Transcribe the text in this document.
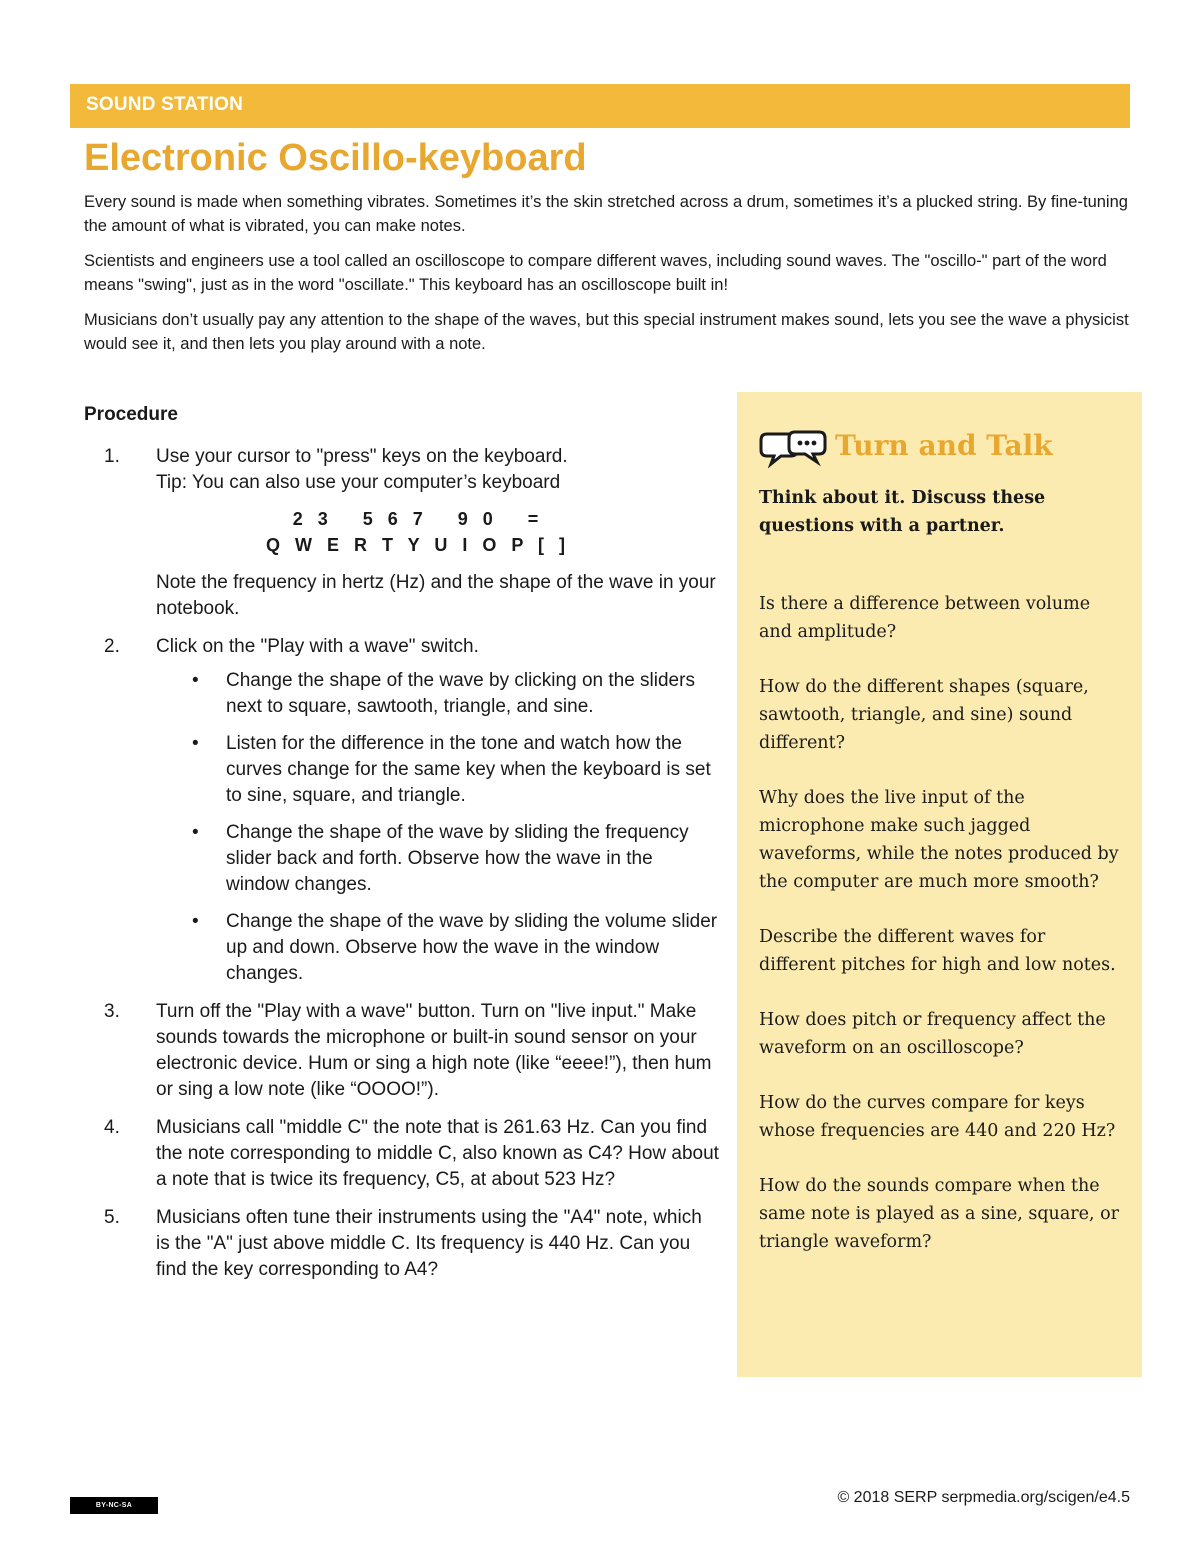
SOUND STATION
Electronic Oscillo-keyboard

Every sound is made when something vibrates. Sometimes it’s the skin stretched across a drum, sometimes it’s a plucked string. By fine-tuning the amount of what is vibrated, you can make notes.

Scientists and engineers use a tool called an oscilloscope to compare different waves, including sound waves. The "oscillo-" part of the word means "swing", just as in the word "oscillate." This keyboard has an oscilloscope built in!

Musicians don’t usually pay any attention to the shape of the waves, but this special instrument makes sound, lets you see the wave a physicist would see it, and then lets you play around with a note.

Procedure
1. Use your cursor to "press" keys on the keyboard.
Tip: You can also use your computer’s keyboard
2 3   5 6 7   9 0   =
Q W E R T Y U I O P [ ]
Note the frequency in hertz (Hz) and the shape of the wave in your notebook.
2. Click on the "Play with a wave" switch.
• Change the shape of the wave by clicking on the sliders next to square, sawtooth, triangle, and sine.
• Listen for the difference in the tone and watch how the curves change for the same key when the keyboard is set to sine, square, and triangle.
• Change the shape of the wave by sliding the frequency slider back and forth. Observe how the wave in the window changes.
• Change the shape of the wave by sliding the volume slider up and down. Observe how the wave in the window changes.
3. Turn off the "Play with a wave" button. Turn on "live input." Make sounds towards the microphone or built-in sound sensor on your electronic device. Hum or sing a high note (like “eeee!”), then hum or sing a low note (like “OOOO!”).
4. Musicians call "middle C" the note that is 261.63 Hz. Can you find the note corresponding to middle C, also known as C4? How about a note that is twice its frequency, C5, at about 523 Hz?
5. Musicians often tune their instruments using the "A4" note, which is the "A" just above middle C. Its frequency is 440 Hz. Can you find the key corresponding to A4?
Turn and Talk

Think about it. Discuss these questions with a partner.

Is there a difference between volume and amplitude?
How do the different shapes (square, sawtooth, triangle, and sine) sound different?
Why does the live input of the microphone make such jagged waveforms, while the notes produced by the computer are much more smooth?
Describe the different waves for different pitches for high and low notes.
How does pitch or frequency affect the waveform on an oscilloscope?
How do the curves compare for keys whose frequencies are 440 and 220 Hz?
How do the sounds compare when the same note is played as a sine, square, or triangle waveform?
BY-NC-SA	© 2018 SERP serpmedia.org/scigen/e4.5
